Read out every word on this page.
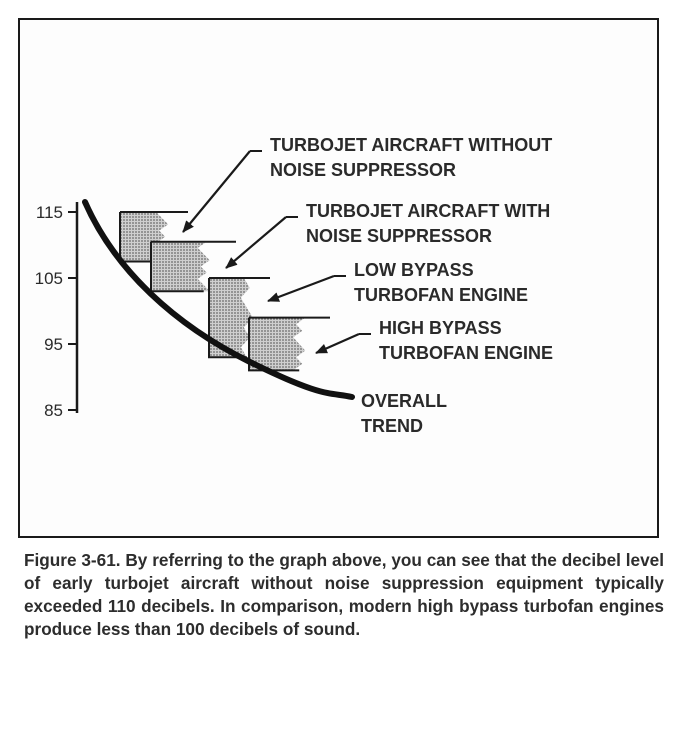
115
105
95
85
TURBOJET AIRCRAFT WITHOUT
NOISE SUPPRESSOR
TURBOJET AIRCRAFT WITH
NOISE SUPPRESSOR
LOW BYPASS
TURBOFAN ENGINE
HIGH BYPASS
TURBOFAN ENGINE
OVERALL
TREND

Figure 3-61. By referring to the graph above, you can see that the decibel level of early turbojet aircraft without noise suppression equipment typically exceeded 110 decibels. In comparison, modern high bypass turbofan engines produce less than 100 decibels of sound.
